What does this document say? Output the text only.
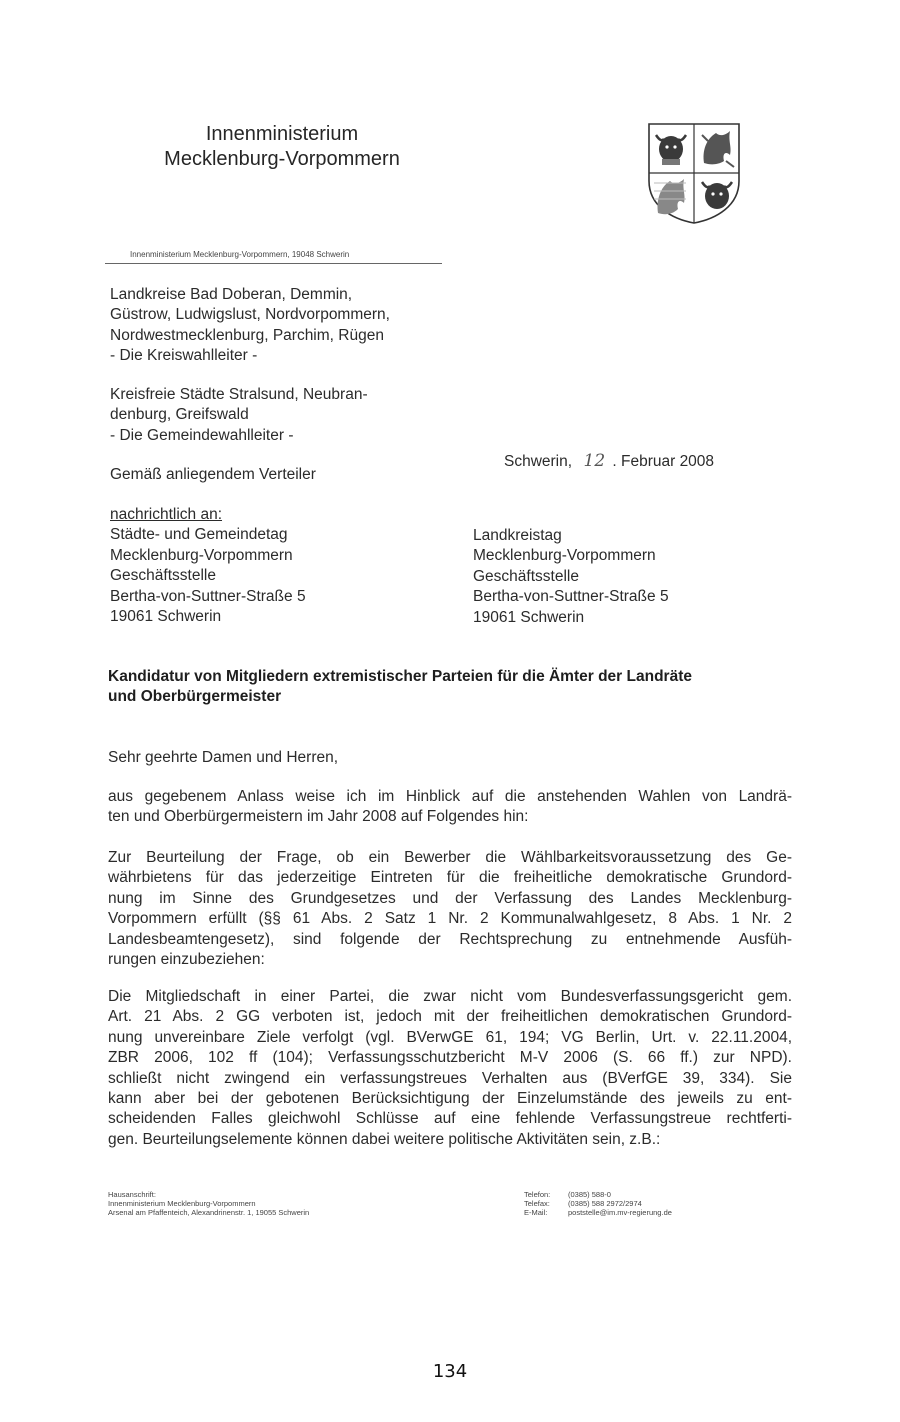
Innenministerium
Mecklenburg-Vorpommern
Innenministerium Mecklenburg-Vorpommern, 19048 Schwerin
Landkreise Bad Doberan, Demmin,
Güstrow, Ludwigslust, Nordvorpommern,
Nordwestmecklenburg, Parchim, Rügen
- Die Kreiswahlleiter -
Kreisfreie Städte Stralsund, Neubran-
denburg, Greifswald
- Die Gemeindewahlleiter -
Gemäß anliegendem Verteiler
Schwerin, 12 . Februar 2008
nachrichtlich an:
Städte- und Gemeindetag
Mecklenburg-Vorpommern
Geschäftsstelle
Bertha-von-Suttner-Straße 5
19061 Schwerin
Landkreistag
Mecklenburg-Vorpommern
Geschäftsstelle
Bertha-von-Suttner-Straße 5
19061 Schwerin
Kandidatur von Mitgliedern extremistischer Parteien für die Ämter der Landräte
und Oberbürgermeister
Sehr geehrte Damen und Herren,
aus gegebenem Anlass weise ich im Hinblick auf die anstehenden Wahlen von Landrä-
ten und Oberbürgermeistern im Jahr 2008 auf Folgendes hin:
Zur Beurteilung der Frage, ob ein Bewerber die Wählbarkeitsvoraussetzung des Ge-
währbietens für das jederzeitige Eintreten für die freiheitliche demokratische Grundord-
nung im Sinne des Grundgesetzes und der Verfassung des Landes Mecklenburg-
Vorpommern erfüllt (§§ 61 Abs. 2 Satz 1 Nr. 2 Kommunalwahlgesetz, 8 Abs. 1 Nr. 2
Landesbeamtengesetz), sind folgende der Rechtsprechung zu entnehmende Ausfüh-
rungen einzubeziehen:
Die Mitgliedschaft in einer Partei, die zwar nicht vom Bundesverfassungsgericht gem.
Art. 21 Abs. 2 GG verboten ist, jedoch mit der freiheitlichen demokratischen Grundord-
nung unvereinbare Ziele verfolgt (vgl. BVerwGE 61, 194; VG Berlin, Urt. v. 22.11.2004,
ZBR 2006, 102 ff (104); Verfassungsschutzbericht M-V 2006 (S. 66 ff.) zur NPD).
schließt nicht zwingend ein verfassungstreues Verhalten aus (BVerfGE 39, 334). Sie
kann aber bei der gebotenen Berücksichtigung der Einzelumstände des jeweils zu ent-
scheidenden Falles gleichwohl Schlüsse auf eine fehlende Verfassungstreue rechtferti-
gen. Beurteilungselemente können dabei weitere politische Aktivitäten sein, z.B.:
Hausanschrift:
Innenministerium Mecklenburg-Vorpommern
Arsenal am Pfaffenteich, Alexandrinenstr. 1, 19055 Schwerin
Telefon: (0385) 588-0
Telefax: (0385) 588 2972/2974
E-Mail:	poststelle@im.mv-regierung.de
134
